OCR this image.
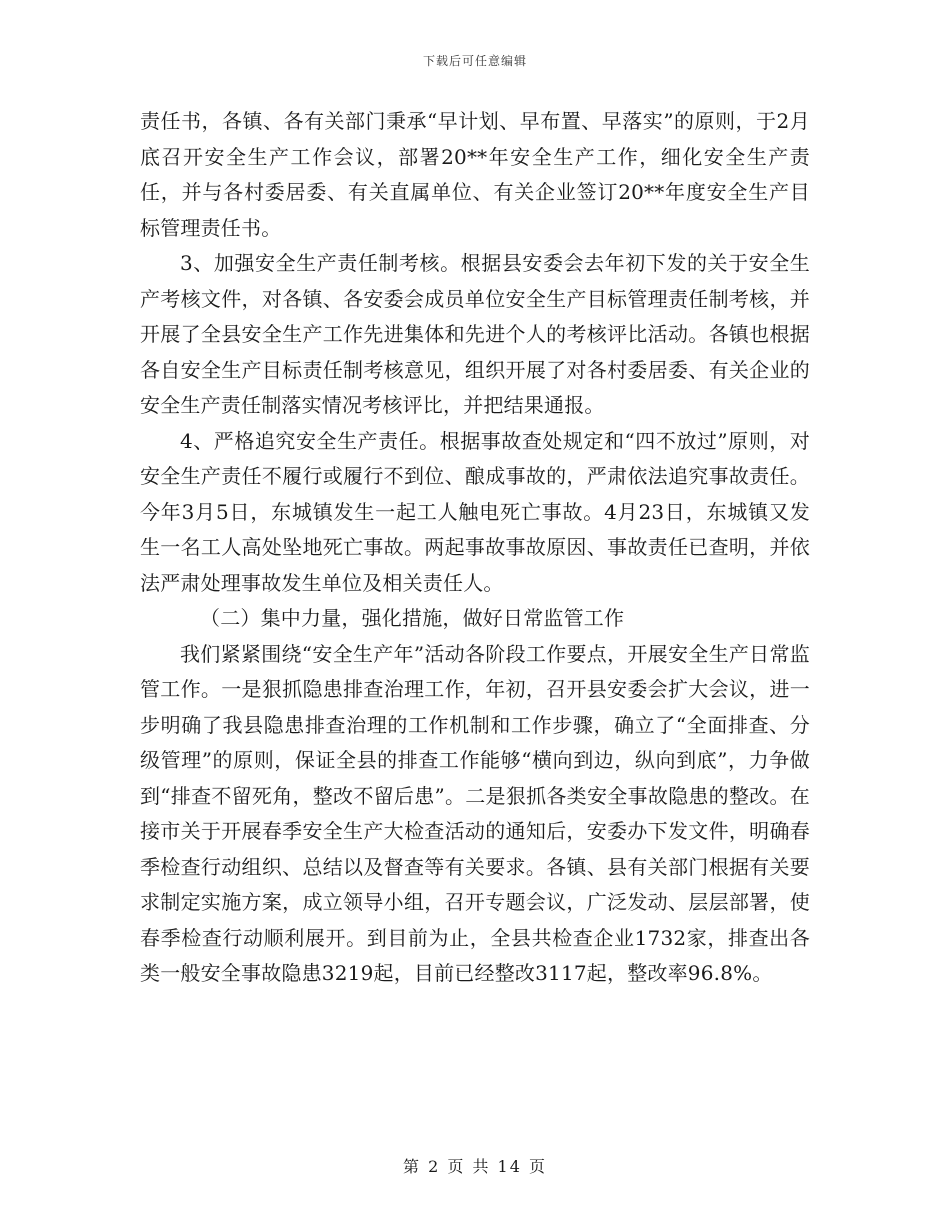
下载后可任意编辑

责任书，各镇、各有关部门秉承“早计划、早布置、早落实”的原则，于2月底召开安全生产工作会议，部署20**年安全生产工作，细化安全生产责任，并与各村委居委、有关直属单位、有关企业签订20**年度安全生产目标管理责任书。

3、加强安全生产责任制考核。根据县安委会去年初下发的关于安全生产考核文件，对各镇、各安委会成员单位安全生产目标管理责任制考核，并开展了全县安全生产工作先进集体和先进个人的考核评比活动。各镇也根据各自安全生产目标责任制考核意见，组织开展了对各村委居委、有关企业的安全生产责任制落实情况考核评比，并把结果通报。

4、严格追究安全生产责任。根据事故查处规定和“四不放过”原则，对安全生产责任不履行或履行不到位、酿成事故的，严肃依法追究事故责任。今年3月5日，东城镇发生一起工人触电死亡事故。4月23日，东城镇又发生一名工人高处坠地死亡事故。两起事故事故原因、事故责任已查明，并依法严肃处理事故发生单位及相关责任人。

（二）集中力量，强化措施，做好日常监管工作

我们紧紧围绕“安全生产年”活动各阶段工作要点，开展安全生产日常监管工作。一是狠抓隐患排查治理工作，年初，召开县安委会扩大会议，进一步明确了我县隐患排查治理的工作机制和工作步骤，确立了“全面排查、分级管理”的原则，保证全县的排查工作能够“横向到边，纵向到底”，力争做到“排查不留死角，整改不留后患”。二是狠抓各类安全事故隐患的整改。在接市关于开展春季安全生产大检查活动的通知后，安委办下发文件，明确春季检查行动组织、总结以及督查等有关要求。各镇、县有关部门根据有关要求制定实施方案，成立领导小组，召开专题会议，广泛发动、层层部署，使春季检查行动顺利展开。到目前为止，全县共检查企业1732家，排查出各类一般安全事故隐患3219起，目前已经整改3117起，整改率96.8%。

第 2 页 共 14 页
